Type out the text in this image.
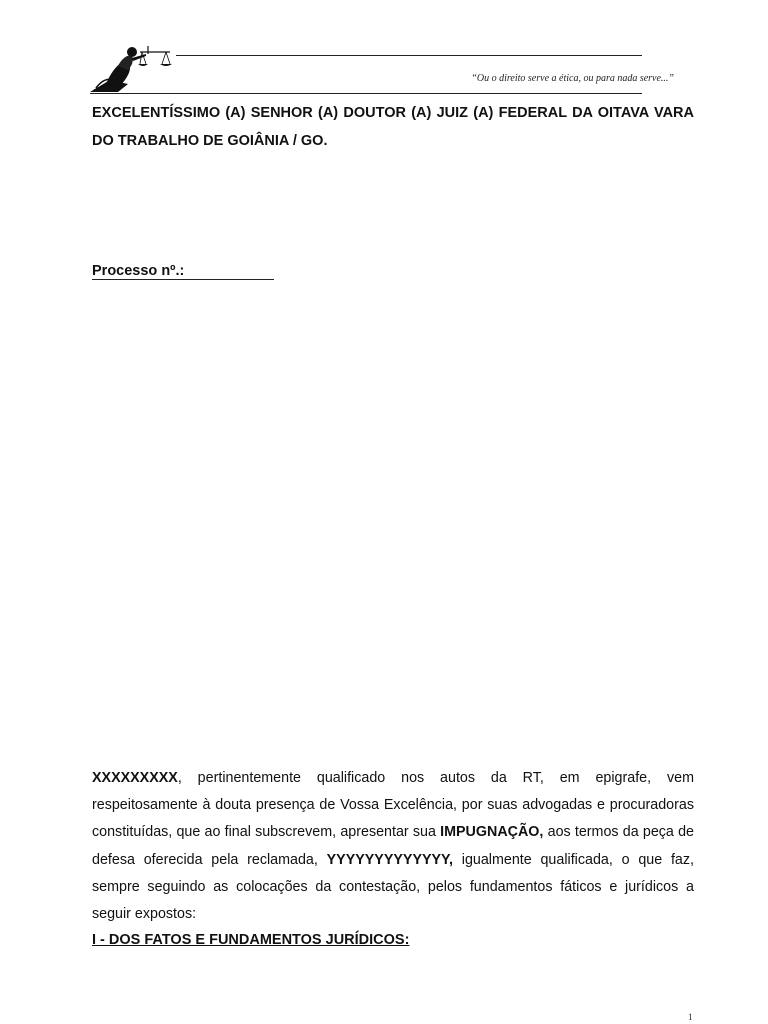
“Ou o direito serve a ética, ou para nada serve...”

EXCELENTÍSSIMO (A) SENHOR (A) DOUTOR (A) JUIZ (A) FEDERAL DA OITAVA VARA DO TRABALHO DE GOIÂNIA / GO.

Processo nº.:

XXXXXXXXX, pertinentemente qualificado nos autos da RT, em epigrafe, vem respeitosamente à douta presença de Vossa Excelência, por suas advogadas e procuradoras constituídas, que ao final subscrevem, apresentar sua IMPUGNAÇÃO, aos termos da peça de defesa oferecida pela reclamada, YYYYYYYYYYYYY, igualmente qualificada, o que faz, sempre seguindo as colocações da contestação, pelos fundamentos fáticos e jurídicos a seguir expostos:

I - DOS FATOS E FUNDAMENTOS JURÍDICOS:

1
